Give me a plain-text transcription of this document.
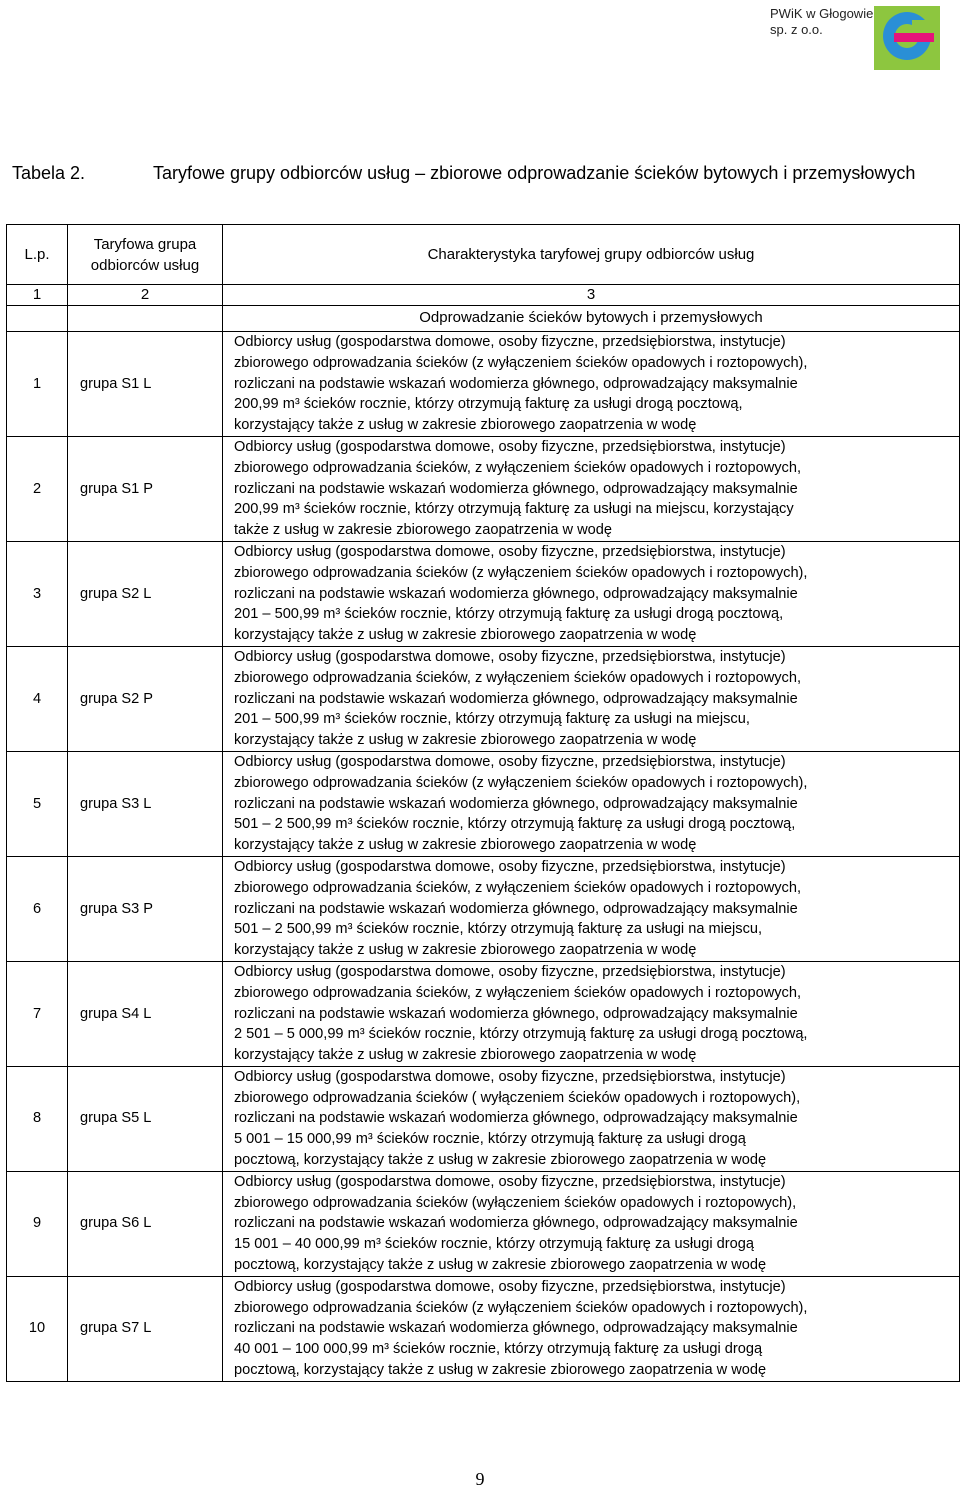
PWiK w Głogowie
sp. z o.o.
Tabela 2.	Taryfowe grupy odbiorców usług – zbiorowe odprowadzanie ścieków bytowych i przemysłowych
L.p.	Taryfowa grupa odbiorców usług	Charakterystyka taryfowej grupy odbiorców usług
1	2	3
		Odprowadzanie ścieków bytowych i przemysłowych
1	grupa S1 L	Odbiorcy usług (gospodarstwa domowe, osoby fizyczne, przedsiębiorstwa, instytucje)
zbiorowego odprowadzania ścieków (z wyłączeniem ścieków opadowych i roztopowych),
rozliczani na podstawie wskazań wodomierza głównego, odprowadzający maksymalnie
200,99 m³ ścieków rocznie, którzy otrzymują fakturę za usługi drogą pocztową,
korzystający także z usług w zakresie zbiorowego zaopatrzenia w wodę

2	grupa S1 P	Odbiorcy usług (gospodarstwa domowe, osoby fizyczne, przedsiębiorstwa, instytucje)
zbiorowego odprowadzania ścieków, z wyłączeniem ścieków opadowych i roztopowych,
rozliczani na podstawie wskazań wodomierza głównego, odprowadzający maksymalnie
200,99 m³ ścieków rocznie, którzy otrzymują fakturę za usługi na miejscu, korzystający
także z usług w zakresie zbiorowego zaopatrzenia w wodę

3	grupa S2 L	Odbiorcy usług (gospodarstwa domowe, osoby fizyczne, przedsiębiorstwa, instytucje)
zbiorowego odprowadzania ścieków (z wyłączeniem ścieków opadowych i roztopowych),
rozliczani na podstawie wskazań wodomierza głównego, odprowadzający maksymalnie
201 – 500,99 m³ ścieków rocznie, którzy otrzymują fakturę za usługi drogą pocztową,
korzystający także z usług w zakresie zbiorowego zaopatrzenia w wodę

4	grupa S2 P	Odbiorcy usług (gospodarstwa domowe, osoby fizyczne, przedsiębiorstwa, instytucje)
zbiorowego odprowadzania ścieków, z wyłączeniem ścieków opadowych i roztopowych,
rozliczani na podstawie wskazań wodomierza głównego, odprowadzający maksymalnie
201 – 500,99 m³ ścieków rocznie, którzy otrzymują fakturę za usługi na miejscu,
korzystający także z usług w zakresie zbiorowego zaopatrzenia w wodę

5	grupa S3 L	Odbiorcy usług (gospodarstwa domowe, osoby fizyczne, przedsiębiorstwa, instytucje)
zbiorowego odprowadzania ścieków (z wyłączeniem ścieków opadowych i roztopowych),
rozliczani na podstawie wskazań wodomierza głównego, odprowadzający maksymalnie
501 – 2 500,99 m³ ścieków rocznie, którzy otrzymują fakturę za usługi drogą pocztową,
korzystający także z usług w zakresie zbiorowego zaopatrzenia w wodę

6	grupa S3 P	Odbiorcy usług (gospodarstwa domowe, osoby fizyczne, przedsiębiorstwa, instytucje)
zbiorowego odprowadzania ścieków, z wyłączeniem ścieków opadowych i roztopowych,
rozliczani na podstawie wskazań wodomierza głównego, odprowadzający maksymalnie
501 – 2 500,99 m³ ścieków rocznie, którzy otrzymują fakturę za usługi na miejscu,
korzystający także z usług w zakresie zbiorowego zaopatrzenia w wodę

7	grupa S4 L	Odbiorcy usług (gospodarstwa domowe, osoby fizyczne, przedsiębiorstwa, instytucje)
zbiorowego odprowadzania ścieków, z wyłączeniem ścieków opadowych i roztopowych,
rozliczani na podstawie wskazań wodomierza głównego, odprowadzający maksymalnie
2 501 – 5 000,99 m³ ścieków rocznie, którzy otrzymują fakturę za usługi drogą pocztową,
korzystający także z usług w zakresie zbiorowego zaopatrzenia w wodę

8	grupa S5 L	Odbiorcy usług (gospodarstwa domowe, osoby fizyczne, przedsiębiorstwa, instytucje)
zbiorowego odprowadzania ścieków ( wyłączeniem ścieków opadowych i roztopowych),
rozliczani na podstawie wskazań wodomierza głównego, odprowadzający maksymalnie
5 001 – 15 000,99 m³ ścieków rocznie, którzy otrzymują fakturę za usługi drogą
pocztową, korzystający także z usług w zakresie zbiorowego zaopatrzenia w wodę

9	grupa S6 L	Odbiorcy usług (gospodarstwa domowe, osoby fizyczne, przedsiębiorstwa, instytucje)
zbiorowego odprowadzania ścieków (wyłączeniem ścieków opadowych i roztopowych),
rozliczani na podstawie wskazań wodomierza głównego, odprowadzający maksymalnie
15 001 – 40 000,99 m³ ścieków rocznie, którzy otrzymują fakturę za usługi drogą
pocztową, korzystający także z usług w zakresie zbiorowego zaopatrzenia w wodę

10	grupa S7 L	Odbiorcy usług (gospodarstwa domowe, osoby fizyczne, przedsiębiorstwa, instytucje)
zbiorowego odprowadzania ścieków (z wyłączeniem ścieków opadowych i roztopowych),
rozliczani na podstawie wskazań wodomierza głównego, odprowadzający maksymalnie
40 001 – 100 000,99 m³ ścieków rocznie, którzy otrzymują fakturę za usługi drogą
pocztową, korzystający także z usług w zakresie zbiorowego zaopatrzenia w wodę
9
